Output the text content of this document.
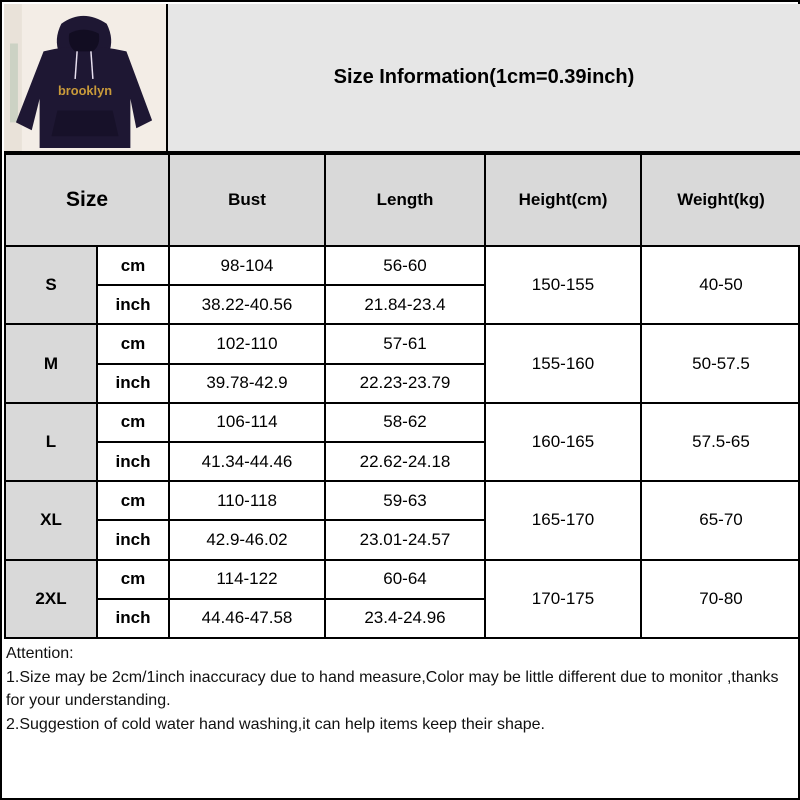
brooklyn
Size Information(1cm=0.39inch)
Size		Bust	Length	Height(cm)	Weight(kg)
S	cm	98-104	56-60	150-155	40-50
	inch	38.22-40.56	21.84-23.4		
M	cm	102-110	57-61	155-160	50-57.5
	inch	39.78-42.9	22.23-23.79		
L	cm	106-114	58-62	160-165	57.5-65
	inch	41.34-44.46	22.62-24.18		
XL	cm	110-118	59-63	165-170	65-70
	inch	42.9-46.02	23.01-24.57		
2XL	cm	114-122	60-64	170-175	70-80
	inch	44.46-47.58	23.4-24.96		
Attention:
1.Size may be 2cm/1inch inaccuracy due to hand measure,Color may be little different due to monitor ,thanks for your understanding.
2.Suggestion of cold water hand washing,it can help items keep their shape.
